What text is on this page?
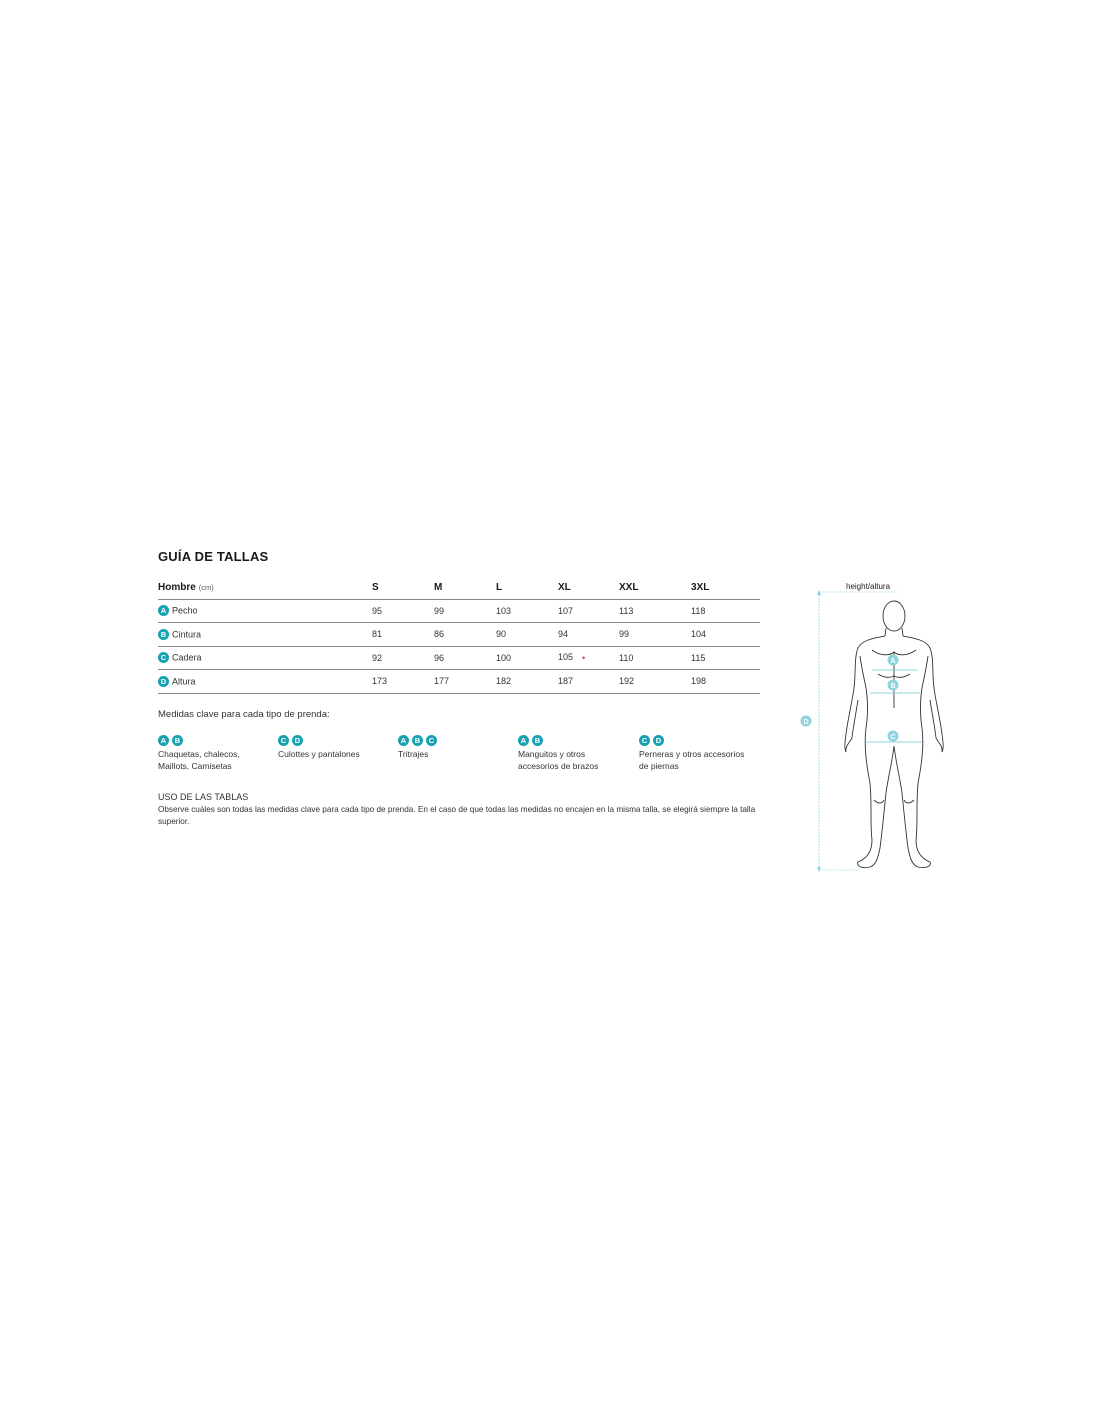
GUÍA DE TALLAS
Hombre (cm)	S	M	L	XL	XXL	3XL
A Pecho	95	99	103	107	113	118
B Cintura	81	86	90	94	99	104
C Cadera	92	96	100	105 •	110	115
D Altura	173	177	182	187	192	198
Medidas clave para cada tipo de prenda:
A B
Chaquetas, chalecos,
Maillots, Camisetas
C D
Culottes y pantalones
A B C
Tritrajes
A B
Manguitos y otros
accesorios de brazos
C D
Perneras y otros accesorios
de piernas
USO DE LAS TABLAS
Observe cuáles son todas las medidas clave para cada tipo de prenda. En el caso de que todas las medidas no encajen en la misma talla, se elegirá siempre la talla superior.
height/altura
A
B
C
D
